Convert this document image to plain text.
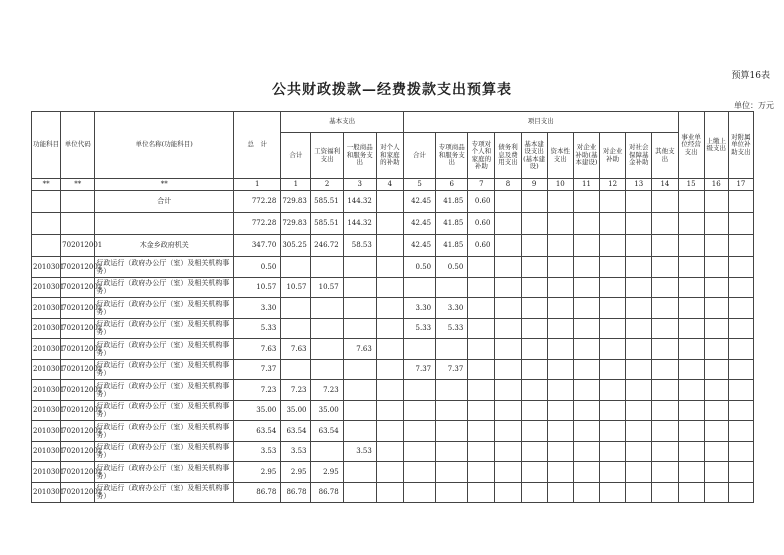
预算16表
公共财政拨款—经费拨款支出预算表
单位：万元
功能科目	单位代码	单位名称(功能科目)	总　计	基本支出				项目支出										事业单位经营支出	上缴上级支出	对附属单位补助支出
				合计	工资福利支出	一般商品和服务支出	对个人和家庭的补助	合计	专项商品和服务支出	专项对个人和家庭的补助	债务利息及费用支出	基本建设支出(基本建设)	资本性支出	对企业补助(基本建设)	对企业补助	对社会保障基金补助	其他支出			
**	**	**	1	1	2	3	4	5	6	7	8	9	10	11	12	13	14	15	16	17
		合计	772.28	729.83	585.51	144.32		42.45	41.85	0.60										
			772.28	729.83	585.51	144.32		42.45	41.85	0.60										
	702012001	木金乡政府机关	347.70	305.25	246.72	58.53		42.45	41.85	0.60										
2010301	702012001	行政运行（政府办公厅（室）及相关机构事务）	0.50					0.50	0.50											
2010301	702012001	行政运行（政府办公厅（室）及相关机构事务）	10.57	10.57	10.57															
2010301	702012001	行政运行（政府办公厅（室）及相关机构事务）	3.30					3.30	3.30											
2010301	702012001	行政运行（政府办公厅（室）及相关机构事务）	5.33					5.33	5.33											
2010301	702012001	行政运行（政府办公厅（室）及相关机构事务）	7.63	7.63		7.63														
2010301	702012001	行政运行（政府办公厅（室）及相关机构事务）	7.37					7.37	7.37											
2010301	702012001	行政运行（政府办公厅（室）及相关机构事务）	7.23	7.23	7.23															
2010301	702012001	行政运行（政府办公厅（室）及相关机构事务）	35.00	35.00	35.00															
2010301	702012001	行政运行（政府办公厅（室）及相关机构事务）	63.54	63.54	63.54															
2010301	702012001	行政运行（政府办公厅（室）及相关机构事务）	3.53	3.53		3.53														
2010301	702012001	行政运行（政府办公厅（室）及相关机构事务）	2.95	2.95	2.95															
2010301	702012001	行政运行（政府办公厅（室）及相关机构事务）	86.78	86.78	86.78															
